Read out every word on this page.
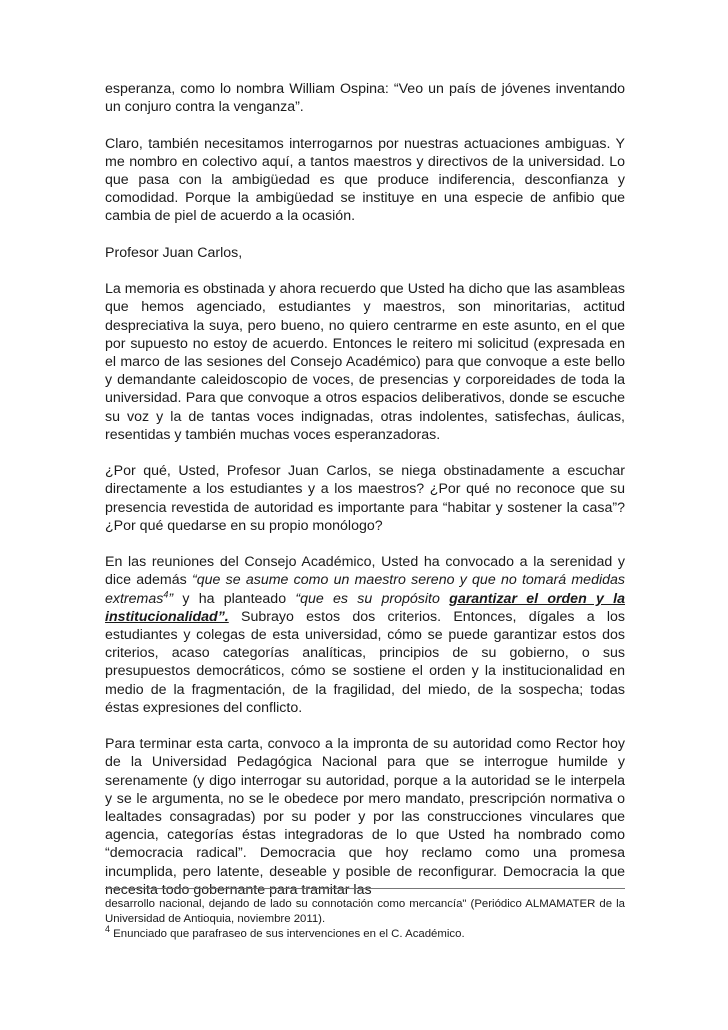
esperanza, como lo nombra William Ospina: “Veo un país de jóvenes inventando un conjuro contra la venganza”.

Claro, también necesitamos interrogarnos por nuestras actuaciones ambiguas. Y me nombro en colectivo aquí, a tantos maestros y directivos de la universidad. Lo que pasa con la ambigüedad es que produce indiferencia, desconfianza y comodidad. Porque la ambigüedad se instituye en una especie de anfibio que cambia de piel de acuerdo a la ocasión.

Profesor Juan Carlos,

La memoria es obstinada y ahora recuerdo que Usted ha dicho que las asambleas que hemos agenciado, estudiantes y maestros, son minoritarias, actitud despreciativa la suya, pero bueno, no quiero centrarme en este asunto, en el que por supuesto no estoy de acuerdo. Entonces le reitero mi solicitud (expresada en el marco de las sesiones del Consejo Académico) para que convoque a este bello y demandante caleidoscopio de voces, de presencias y corporeidades de toda la universidad. Para que convoque a otros espacios deliberativos, donde se escuche su voz y la de tantas voces indignadas, otras indolentes, satisfechas, áulicas, resentidas y también muchas voces esperanzadoras.

¿Por qué, Usted, Profesor Juan Carlos, se niega obstinadamente a escuchar directamente a los estudiantes y a los maestros? ¿Por qué no reconoce que su presencia revestida de autoridad es importante para “habitar y sostener la casa”? ¿Por qué quedarse en su propio monólogo?

En las reuniones del Consejo Académico, Usted ha convocado a la serenidad y dice además “que se asume como un maestro sereno y que no tomará medidas extremas$^4$” y ha planteado “que es su propósito garantizar el orden y la institucionalidad”. Subrayo estos dos criterios. Entonces, dígales a los estudiantes y colegas de esta universidad, cómo se puede garantizar estos dos criterios, acaso categorías analíticas, principios de su gobierno, o sus presupuestos democráticos, cómo se sostiene el orden y la institucionalidad en medio de la fragmentación, de la fragilidad, del miedo, de la sospecha; todas éstas expresiones del conflicto.

Para terminar esta carta, convoco a la impronta de su autoridad como Rector hoy de la Universidad Pedagógica Nacional para que se interrogue humilde y serenamente (y digo interrogar su autoridad, porque a la autoridad se le interpela y se le argumenta, no se le obedece por mero mandato, prescripción normativa o lealtades consagradas) por su poder y por las construcciones vinculares que agencia, categorías éstas integradoras de lo que Usted ha nombrado como “democracia radical”. Democracia que hoy reclamo como una promesa incumplida, pero latente, deseable y posible de reconfigurar. Democracia la que necesita todo gobernante para tramitar las

desarrollo nacional, dejando de lado su connotación como mercancía" (Periódico ALMAMATER de la Universidad de Antioquia, noviembre 2011).

$^4$ Enunciado que parafraseo de sus intervenciones en el C. Académico.
